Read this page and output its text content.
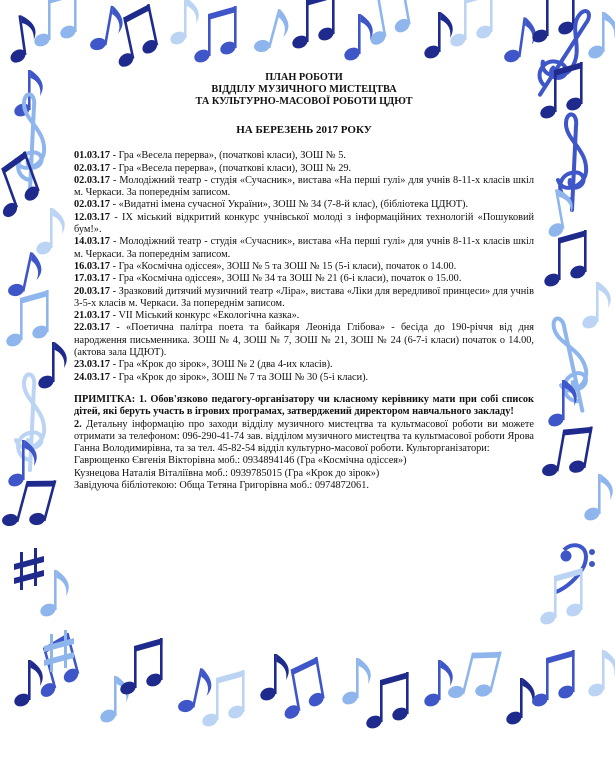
ПЛАН РОБОТИ
ВІДДІЛУ МУЗИЧНОГО МИСТЕЦТВА
ТА КУЛЬТУРНО-МАСОВОЇ РОБОТИ ЦДЮТ
НА БЕРЕЗЕНЬ 2017 РОКУ
01.03.17 - Гра «Весела перерва», (початкові класи), ЗОШ № 5.
02.03.17 - Гра «Весела перерва», (початкові класи), ЗОШ № 29.
02.03.17 - Молодіжний театр - студія «Сучасник», вистава «На перші гулі» для учнів 8-11-х класів шкіл м. Черкаси. За попереднім записом.
02.03.17 - «Видатні імена сучасної України», ЗОШ № 34 (7-8-й клас), (бібліотека ЦДЮТ).
12.03.17 - ІХ міський відкритий конкурс учнівської молоді з інформаційних технологій «Пошуковий бум!».
14.03.17 - Молодіжний театр - студія «Сучасник», вистава «На перші гулі» для учнів 8-11-х класів шкіл м. Черкаси. За попереднім записом.
16.03.17 - Гра «Космічна одіссея», ЗОШ № 5 та ЗОШ № 15 (5-і класи), початок о 14.00.
17.03.17 - Гра «Космічна одіссея», ЗОШ № 34 та ЗОШ № 21 (6-і класи), початок о 15.00.
20.03.17 - Зразковий дитячий музичний театр «Ліра», вистава «Ліки для вередливої принцеси» для учнів 3-5-х класів м. Черкаси. За попереднім записом.
21.03.17 - VII Міський конкурс «Екологічна казка».
22.03.17 - «Поетична палітра поета та байкаря Леоніда Глібова» - бесіда до 190-річчя від дня народження письменника. ЗОШ № 4, ЗОШ № 7, ЗОШ № 21, ЗОШ № 24 (6-7-і класи) початок о 14.00, (актова зала ЦДЮТ).
23.03.17 - Гра «Крок до зірок», ЗОШ № 2 (два 4-их класів).
24.03.17 - Гра «Крок до зірок», ЗОШ № 7 та ЗОШ № 30 (5-і класи).
ПРИМІТКА: 1. Обов'язково педагогу-організатору чи класному керівнику мати при собі список дітей, які беруть участь в ігрових програмах, затверджений директором навчального закладу!
2. Детальну інформацію про заходи відділу музичного мистецтва та культмасової роботи ви можете отримати за телефоном: 096-290-41-74 зав. відділом музичного мистецтва та культмасової роботи Ярова Ганна Володимирівна, та за тел. 45-82-54 відділ культурно-масової роботи. Культорганізатори:
Гаврющенко Євгенія Вікторівна моб.: 0934894146 (Гра «Космічна одіссея»)
Кузнецова Наталія Віталіївна моб.: 0939785015 (Гра «Крок до зірок»)
Завідуюча бібліотекою: Обща Тетяна Григорівна моб.: 0974872061.
